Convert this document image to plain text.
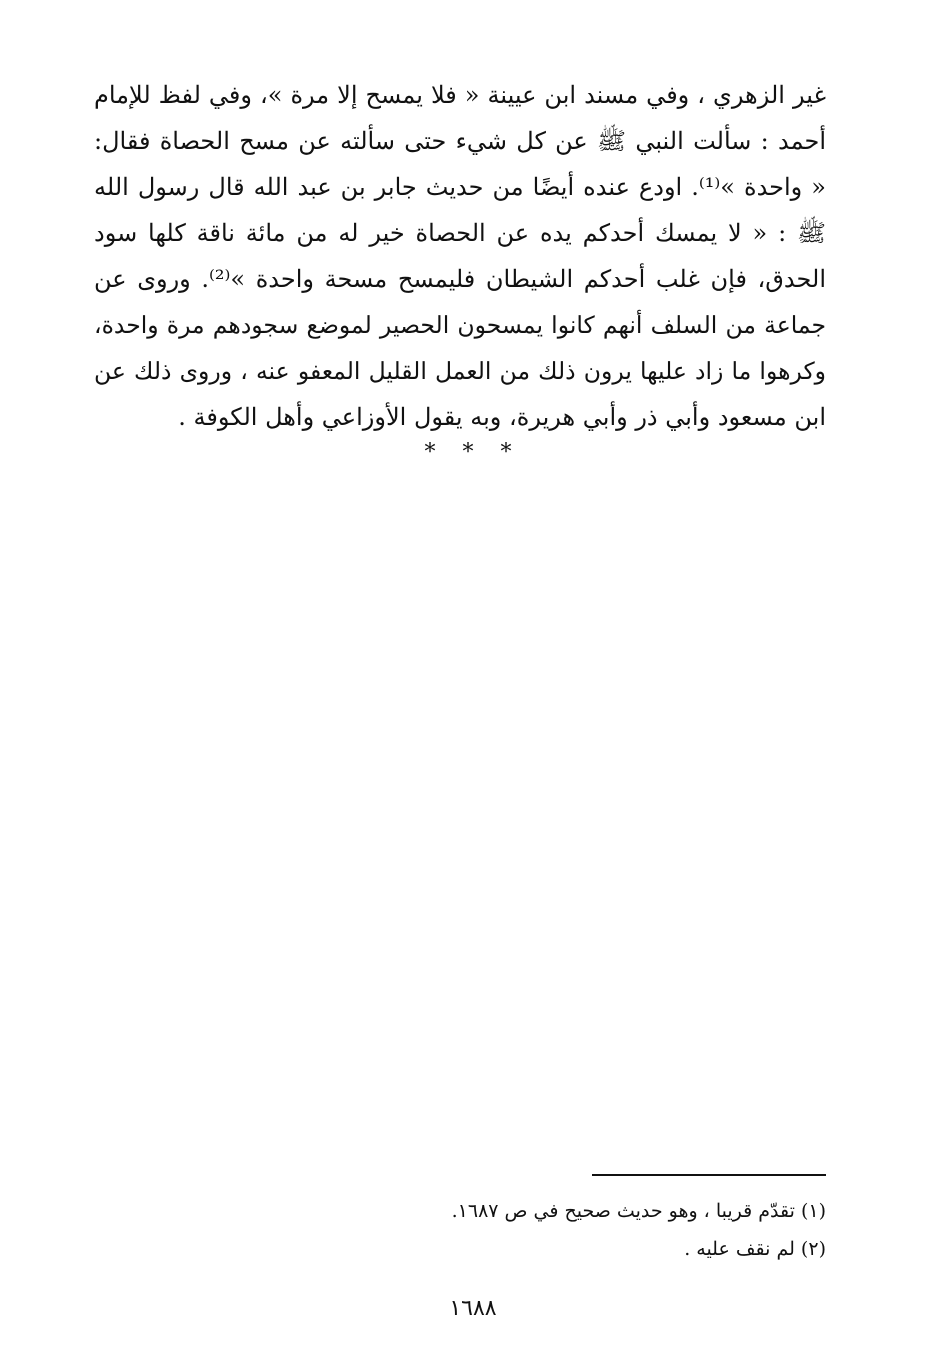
غير الزهري ، وفي مسند ابن عيينة « فلا يمسح إلا مرة »، وفي لفظ للإمام
أحمد : سألت النبي ﷺ عن كل شيء حتى سألته عن مسح الحصاة فقال:
« واحدة »⁽¹⁾. اودع عنده أيضًا من حديث جابر بن عبد الله قال رسول الله
ﷺ : « لا يمسك أحدكم يده عن الحصاة خير له من مائة ناقة كلها سود
الحدق، فإن غلب أحدكم الشيطان فليمسح مسحة واحدة »⁽²⁾. وروى عن
جماعة من السلف أنهم كانوا يمسحون الحصير لموضع سجودهم مرة واحدة،
وكرهوا ما زاد عليها يرون ذلك من العمل القليل المعفو عنه ، وروى ذلك عن
ابن مسعود وأبي ذر وأبي هريرة، وبه يقول الأوزاعي وأهل الكوفة .
* * *
(١) تقدّم قريبا ، وهو حديث صحيح في ص ١٦٨٧.
(٢) لم نقف عليه .
١٦٨٨
